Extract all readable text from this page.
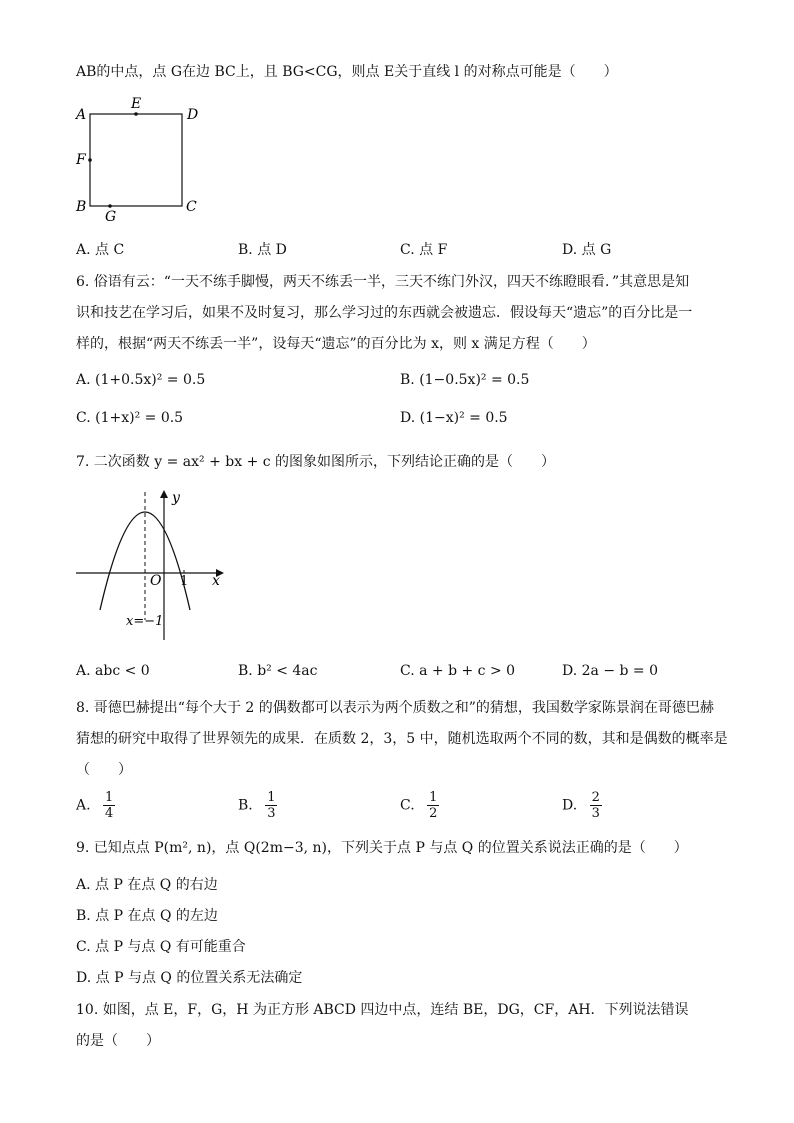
AB的中点，点 G在边 BC上，且 BG<CG，则点 E关于直线 l 的对称点可能是（　　）
A	D
E
F
B	C
G
A. 点 C	B. 点 D	C. 点 F	D. 点 G
6. 俗语有云：“一天不练手脚慢，两天不练丢一半，三天不练门外汉，四天不练瞪眼看．”其意思是知
识和技艺在学习后，如果不及时复习，那么学习过的东西就会被遗忘．假设每天“遗忘”的百分比是一
样的，根据“两天不练丢一半”，设每天“遗忘”的百分比为 x，则 x 满足方程（　　）
A. (1+0.5x)² = 0.5	B. (1−0.5x)² = 0.5
C. (1+x)² = 0.5	D. (1−x)² = 0.5
7. 二次函数 y = ax² + bx + c 的图象如图所示，下列结论正确的是（　　）
y
x
O 1
x=−1
A. abc < 0	B. b² < 4ac	C. a + b + c > 0	D. 2a − b = 0
8. 哥德巴赫提出“每个大于 2 的偶数都可以表示为两个质数之和”的猜想，我国数学家陈景润在哥德巴赫
猜想的研究中取得了世界领先的成果．在质数 2，3，5 中，随机选取两个不同的数，其和是偶数的概率是
（　　）
A. $\frac{1}{4}$	B. $\frac{1}{3}$	C. $\frac{1}{2}$	D. $\frac{2}{3}$
9. 已知点点 P(m², n)，点 Q(2m−3, n)，下列关于点 P 与点 Q 的位置关系说法正确的是（　　）
A. 点 P 在点 Q 的右边
B. 点 P 在点 Q 的左边
C. 点 P 与点 Q 有可能重合
D. 点 P 与点 Q 的位置关系无法确定
10. 如图，点 E，F，G，H 为正方形 ABCD 四边中点，连结 BE，DG，CF，AH．下列说法错误
的是（　　）
